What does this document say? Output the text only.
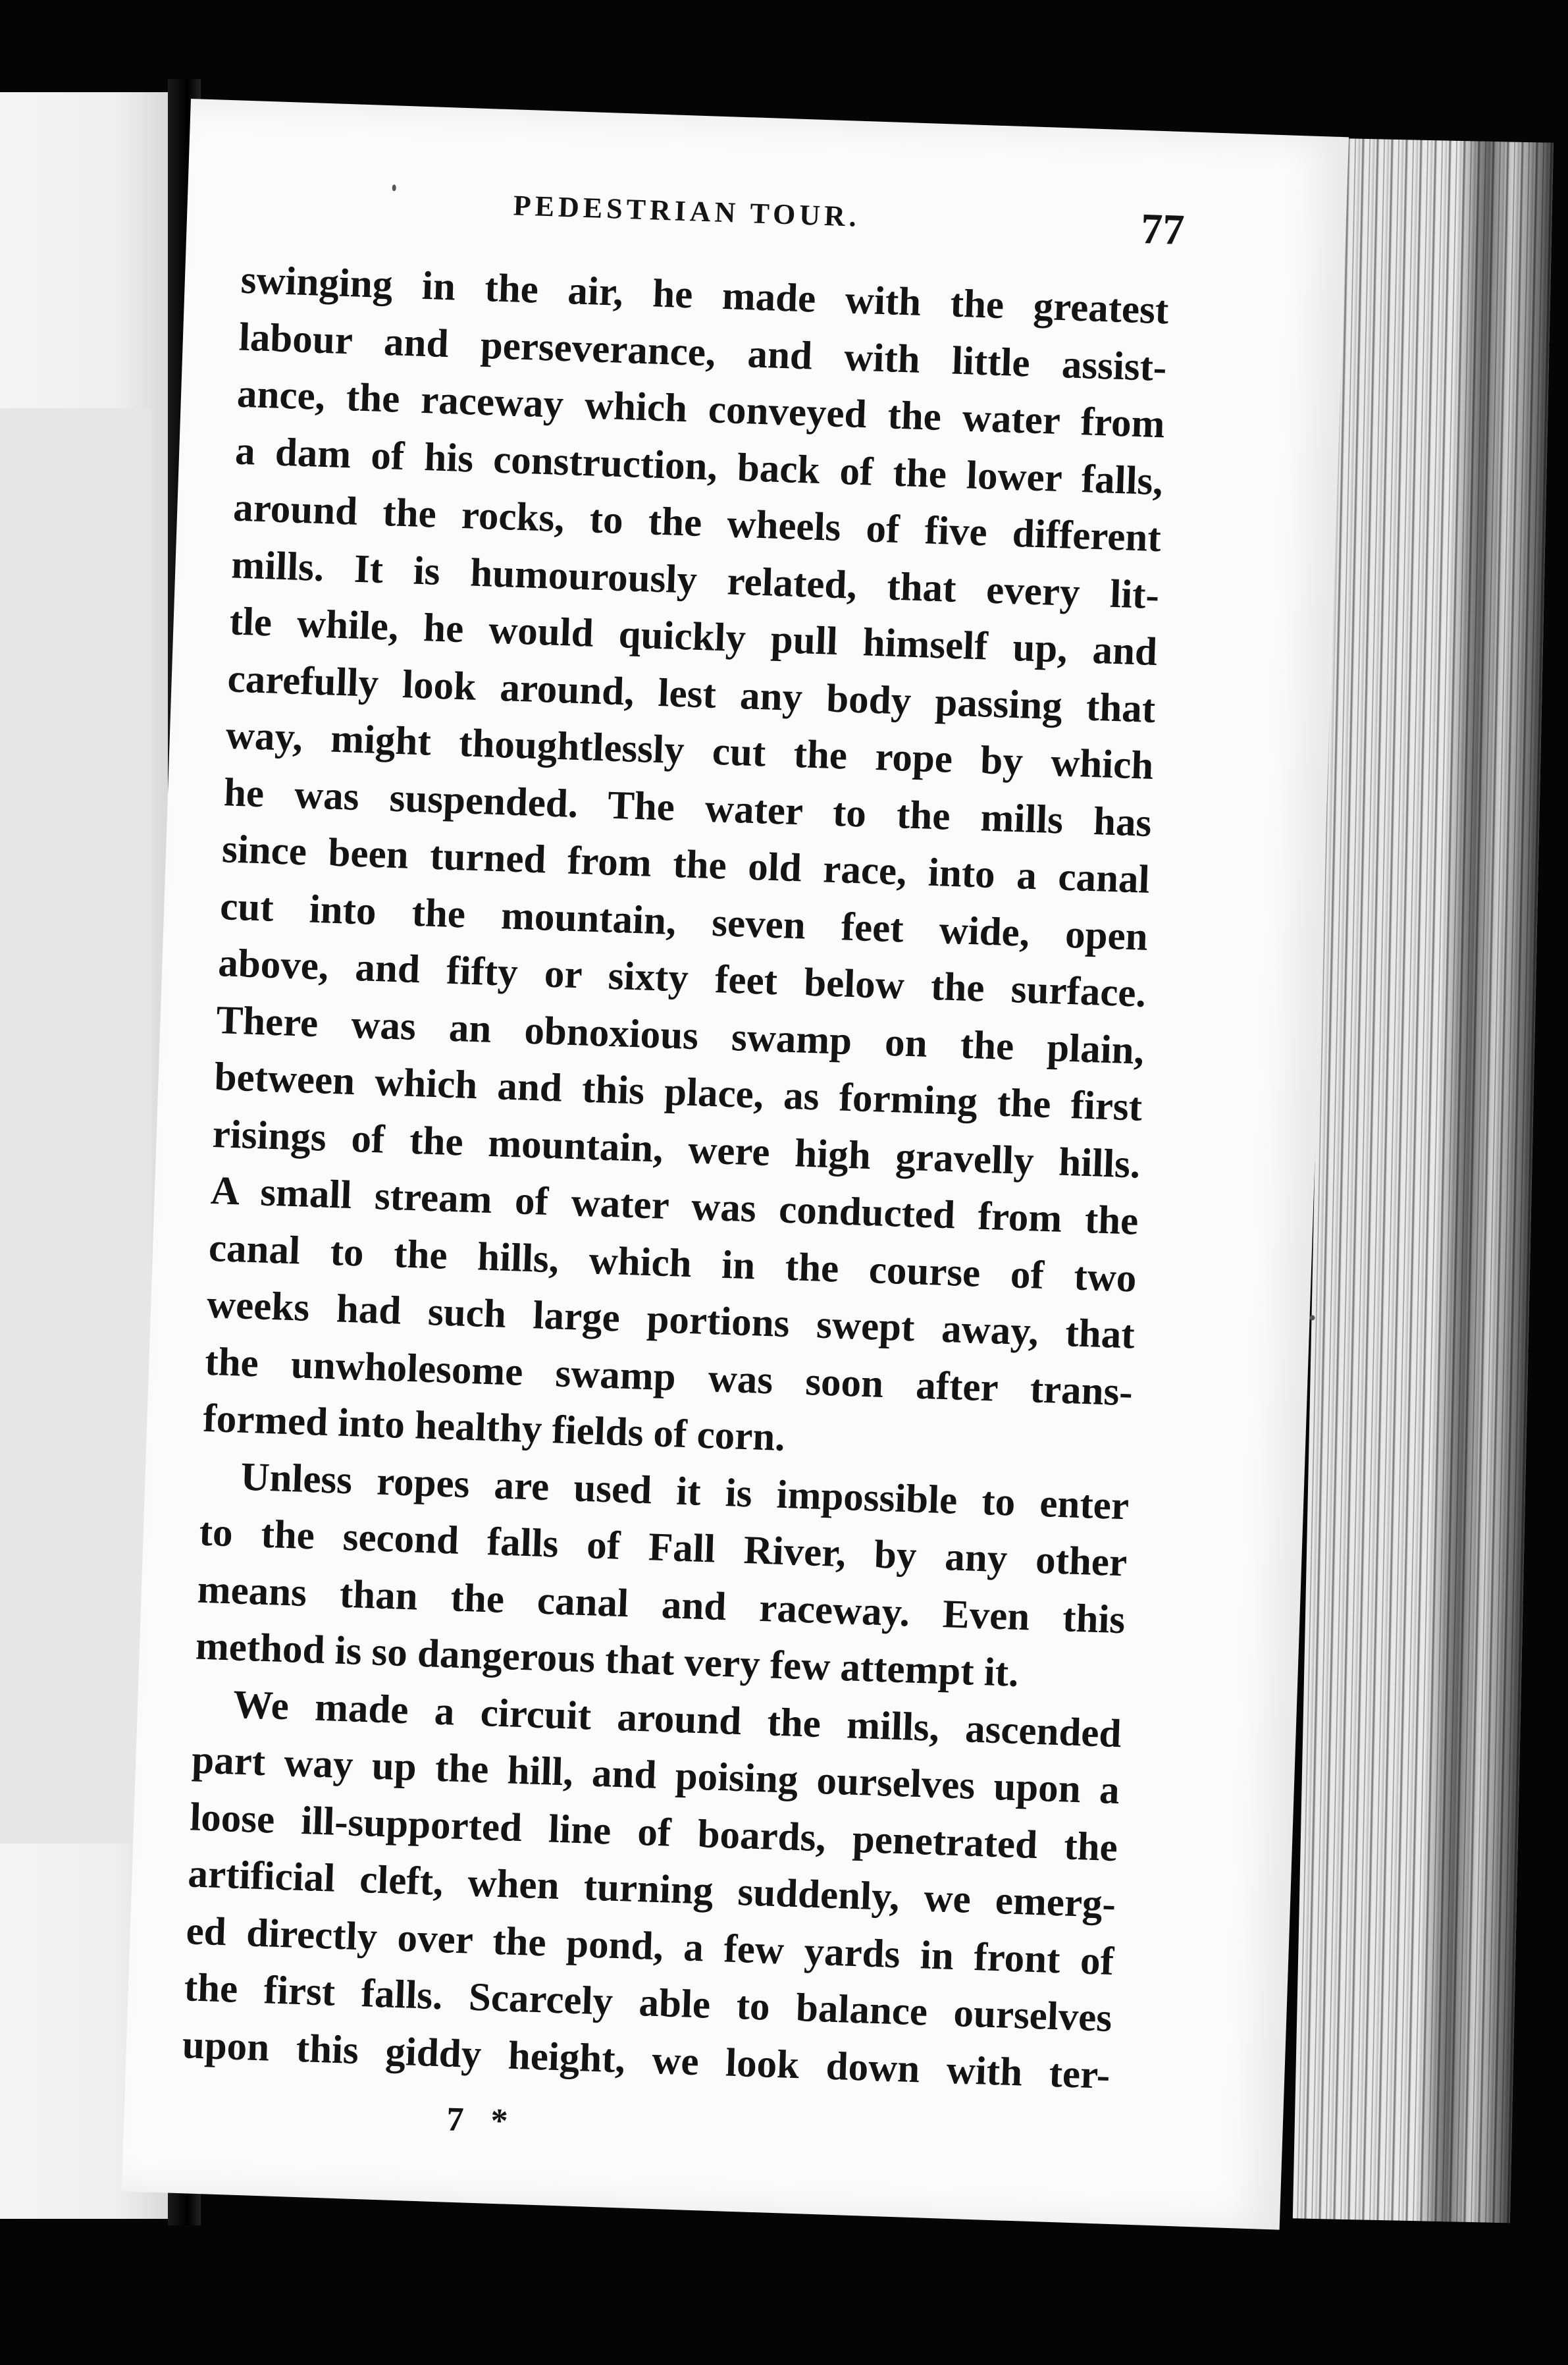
PEDESTRIAN TOUR.	77
swinging in the air, he made with the greatest
labour and perseverance, and with little assist-
ance, the raceway which conveyed the water from
a dam of his construction, back of the lower falls,
around the rocks, to the wheels of five different
mills. It is humourously related, that every lit-
tle while, he would quickly pull himself up, and
carefully look around, lest any body passing that
way, might thoughtlessly cut the rope by which
he was suspended. The water to the mills has
since been turned from the old race, into a canal
cut into the mountain, seven feet wide, open
above, and fifty or sixty feet below the surface.
There was an obnoxious swamp on the plain,
between which and this place, as forming the first
risings of the mountain, were high gravelly hills.
A small stream of water was conducted from the
canal to the hills, which in the course of two
weeks had such large portions swept away, that
the unwholesome swamp was soon after trans-
formed into healthy fields of corn.
Unless ropes are used it is impossible to enter
to the second falls of Fall River, by any other
means than the canal and raceway. Even this
method is so dangerous that very few attempt it.
We made a circuit around the mills, ascended
part way up the hill, and poising ourselves upon a
loose ill-supported line of boards, penetrated the
artificial cleft, when turning suddenly, we emerg-
ed directly over the pond, a few yards in front of
the first falls. Scarcely able to balance ourselves
upon this giddy height, we look down with ter-
7 *
